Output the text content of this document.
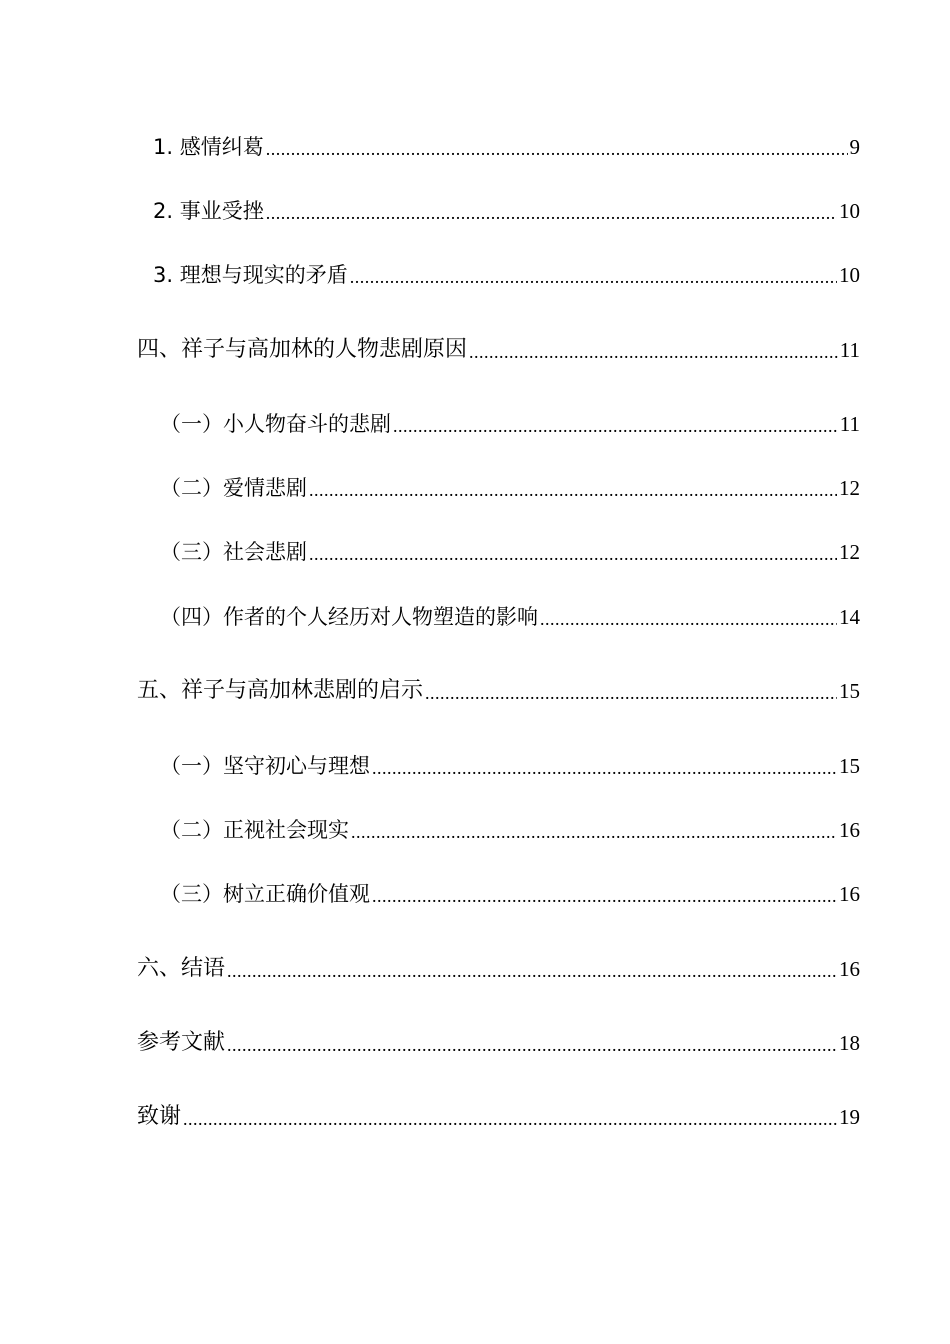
1. 感情纠葛 .....	9
2. 事业受挫 .....	10
3. 理想与现实的矛盾 .....	10
四、祥子与高加林的人物悲剧原因 .....	11
（一）小人物奋斗的悲剧 .....	11
（二）爱情悲剧 .....	12
（三）社会悲剧 .....	12
（四）作者的个人经历对人物塑造的影响 .....	14
五、祥子与高加林悲剧的启示 .....	15
（一）坚守初心与理想 .....	15
（二）正视社会现实 .....	16
（三）树立正确价值观 .....	16
六、结语 .....	16
参考文献 .....	18
致谢 .....	19
